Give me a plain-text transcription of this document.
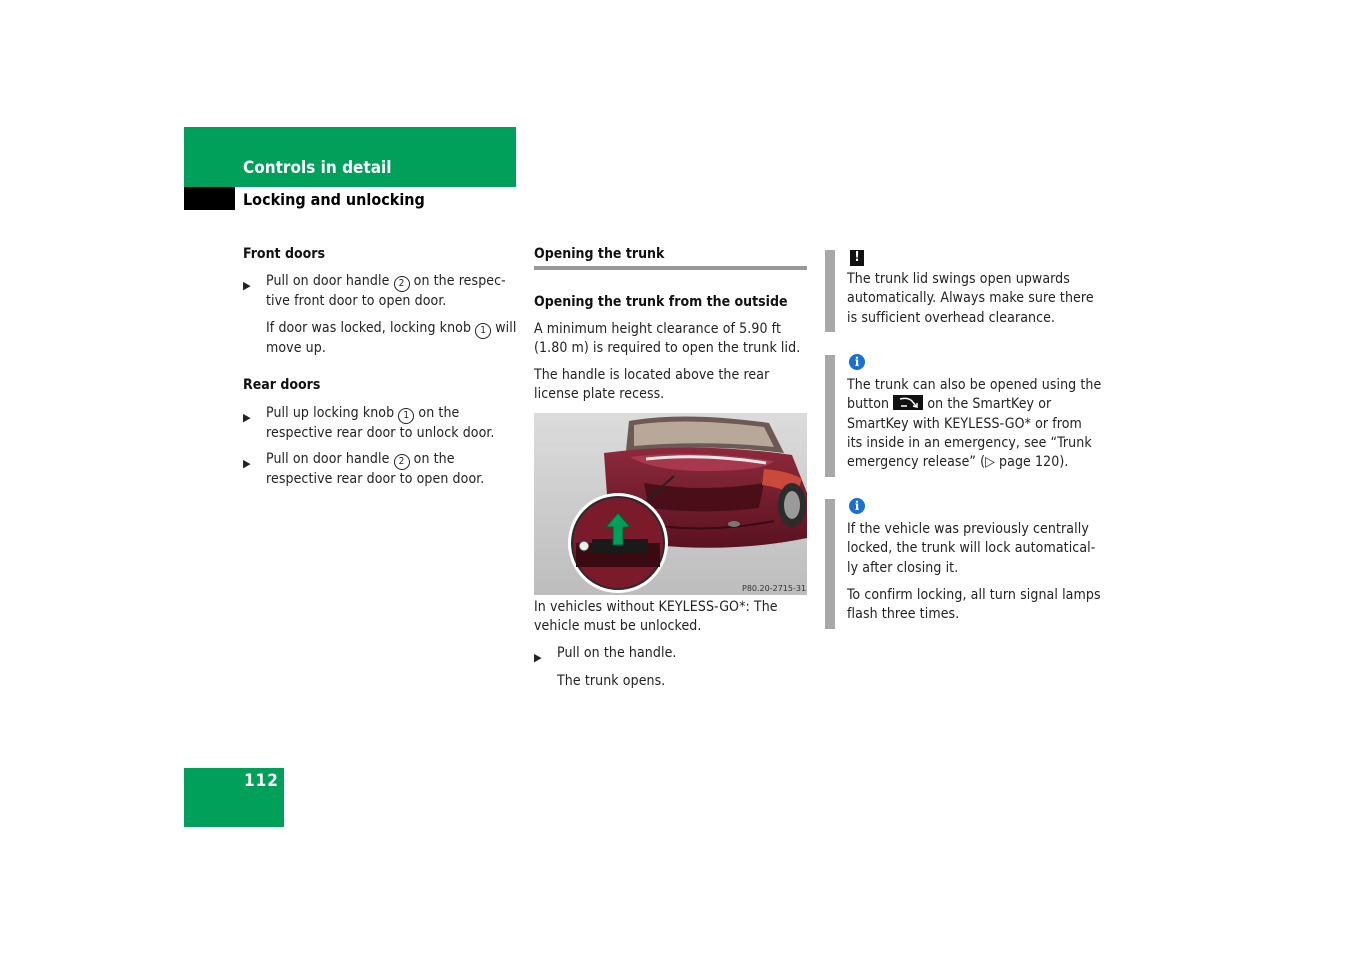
Controls in detail
Locking and unlocking
Front doors
▶ Pull on door handle 2 on the respec-
tive front door to open door.
If door was locked, locking knob 1 will
move up.
Rear doors
▶ Pull up locking knob 1 on the
respective rear door to unlock door.
▶ Pull on door handle 2 on the
respective rear door to open door.
Opening the trunk
Opening the trunk from the outside
A minimum height clearance of 5.90 ft
(1.80 m) is required to open the trunk lid.
The handle is located above the rear
license plate recess.
P80.20-2715-31
In vehicles without KEYLESS-GO*: The
vehicle must be unlocked.
▶ Pull on the handle.
The trunk opens.
!
The trunk lid swings open upwards
automatically. Always make sure there
is sufficient overhead clearance.
i
The trunk can also be opened using the
button	on the SmartKey or
SmartKey with KEYLESS-GO* or from
its inside in an emergency, see “Trunk
emergency release” (▷ page 120).
i
If the vehicle was previously centrally
locked, the trunk will lock automatical-
ly after closing it.
To confirm locking, all turn signal lamps
flash three times.
112
